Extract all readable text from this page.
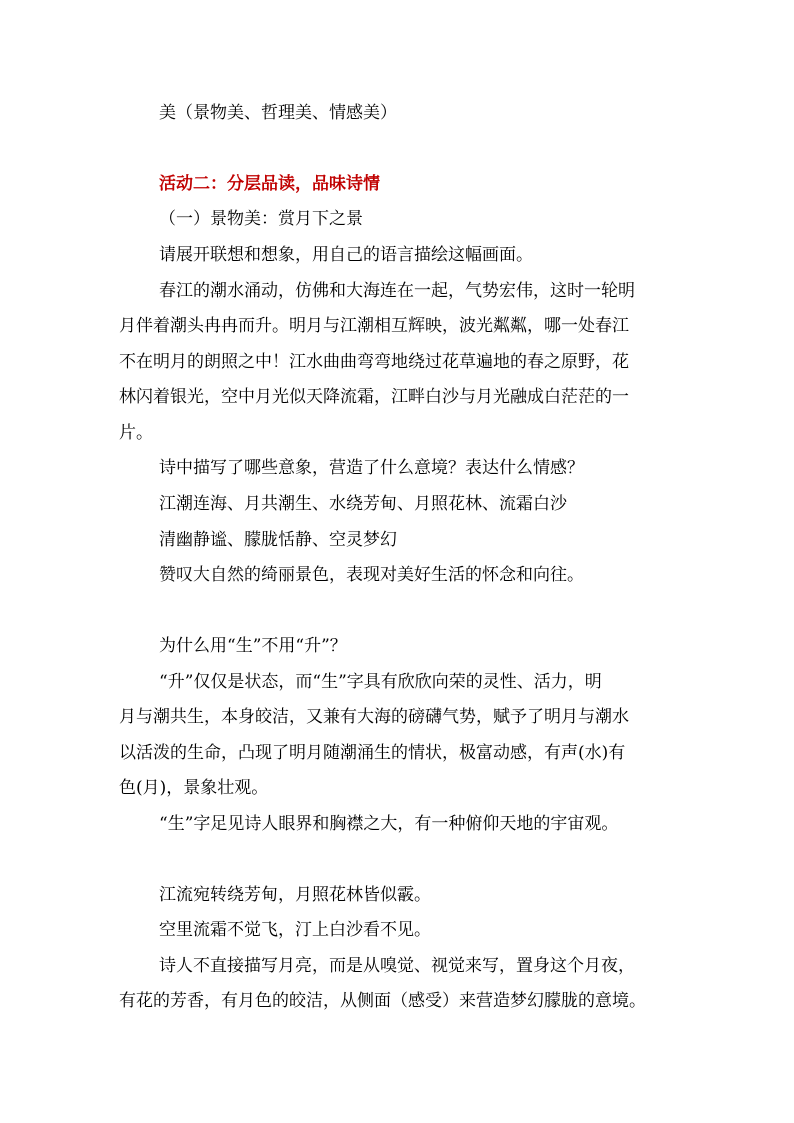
美（景物美、哲理美、情感美）
活动二：分层品读，品味诗情
（一）景物美：赏月下之景
请展开联想和想象，用自己的语言描绘这幅画面。
春江的潮水涌动，仿佛和大海连在一起，气势宏伟，这时一轮明
月伴着潮头冉冉而升。明月与江潮相互辉映，波光粼粼，哪一处春江
不在明月的朗照之中！江水曲曲弯弯地绕过花草遍地的春之原野，花
林闪着银光，空中月光似天降流霜，江畔白沙与月光融成白茫茫的一
片。
诗中描写了哪些意象，营造了什么意境？表达什么情感？
江潮连海、月共潮生、水绕芳甸、月照花林、流霜白沙
清幽静谧、朦胧恬静、空灵梦幻
赞叹大自然的绮丽景色，表现对美好生活的怀念和向往。
为什么用“生”不用“升”？
“升”仅仅是状态，而“生”字具有欣欣向荣的灵性、活力，明
月与潮共生，本身皎洁，又兼有大海的磅礴气势，赋予了明月与潮水
以活泼的生命，凸现了明月随潮涌生的情状，极富动感，有声(水)有
色(月)，景象壮观。
“生”字足见诗人眼界和胸襟之大，有一种俯仰天地的宇宙观。
江流宛转绕芳甸，月照花林皆似霰。
空里流霜不觉飞，汀上白沙看不见。
诗人不直接描写月亮，而是从嗅觉、视觉来写，置身这个月夜，
有花的芳香，有月色的皎洁，从侧面（感受）来营造梦幻朦胧的意境。
